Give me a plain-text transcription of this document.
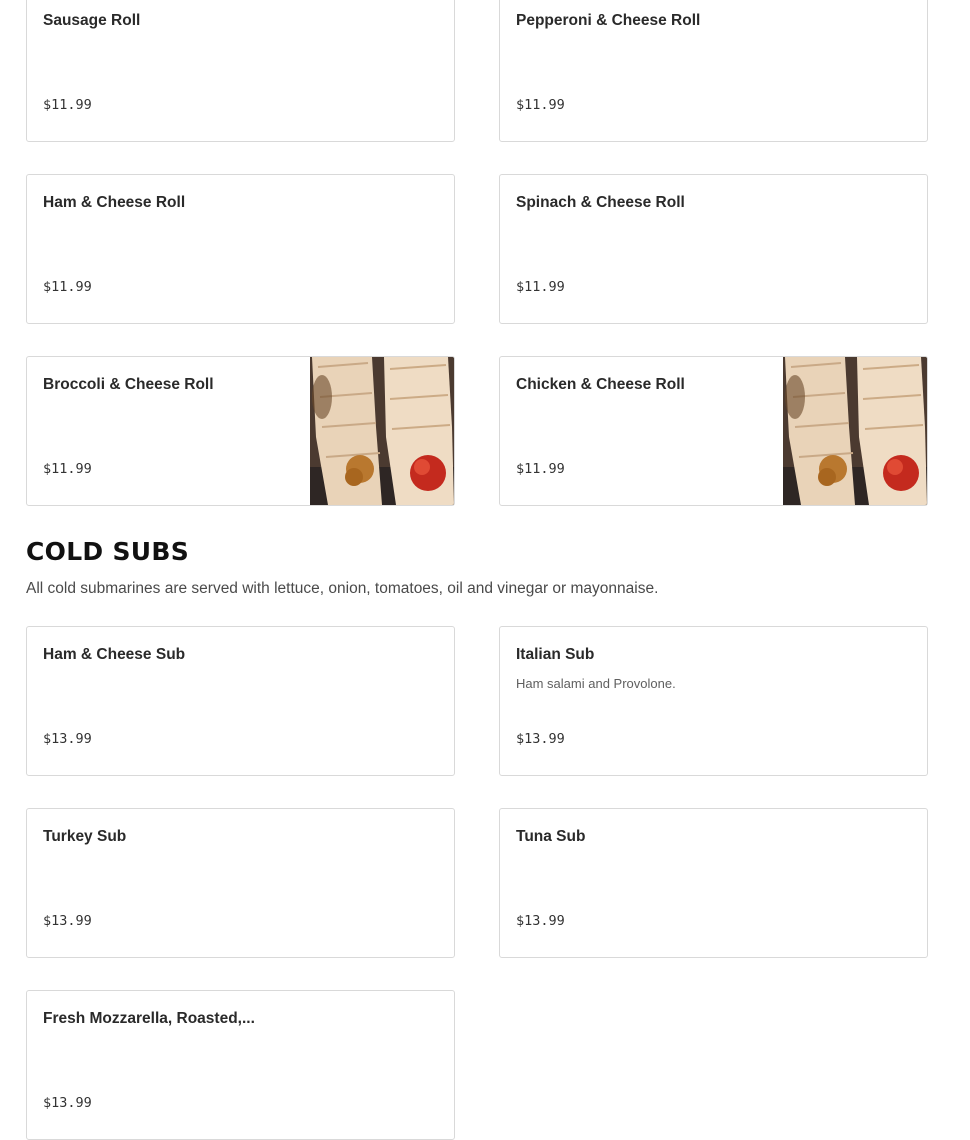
Sausage Roll
$11.99
Pepperoni & Cheese Roll
$11.99
Ham & Cheese Roll
$11.99
Spinach & Cheese Roll
$11.99
Broccoli & Cheese Roll
$11.99
Chicken & Cheese Roll
$11.99
COLD SUBS

All cold submarines are served with lettuce, onion, tomatoes, oil and vinegar or mayonnaise.

Ham & Cheese Sub
$13.99
Italian Sub
Ham salami and Provolone.
$13.99
Turkey Sub
$13.99
Tuna Sub
$13.99
Fresh Mozzarella, Roasted,...
$13.99
